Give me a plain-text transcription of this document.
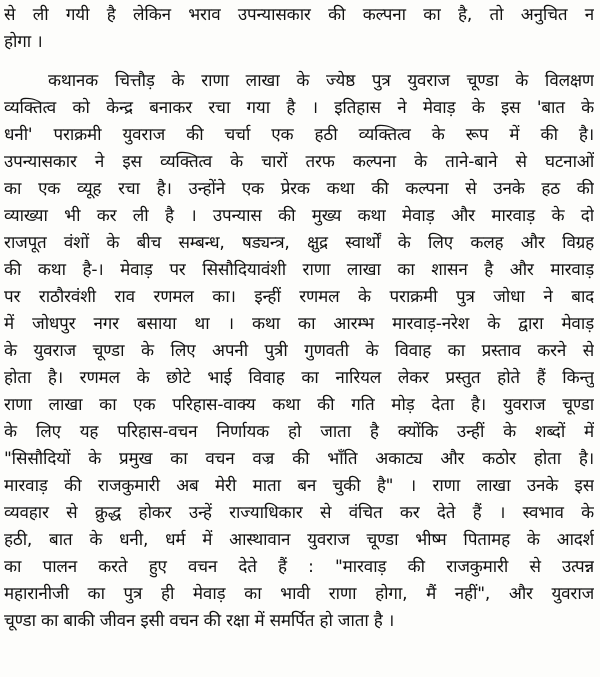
से ली गयी है लेकिन भराव उपन्यासकार की कल्पना का है, तो अनुचित न
होगा ।
कथानक चित्तौड़ के राणा लाखा के ज्येष्ठ पुत्र युवराज चूण्डा के विलक्षण
व्यक्तित्व को केन्द्र बनाकर रचा गया है । इतिहास ने मेवाड़ के इस 'बात के
धनी' पराक्रमी युवराज की चर्चा एक हठी व्यक्तित्व के रूप में की है।
उपन्यासकार ने इस व्यक्तित्व के चारों तरफ कल्पना के ताने-बाने से घटनाओं
का एक व्यूह रचा है। उन्होंने एक प्रेरक कथा की कल्पना से उनके हठ की
व्याख्या भी कर ली है । उपन्यास की मुख्य कथा मेवाड़ और मारवाड़ के दो
राजपूत वंशों के बीच सम्बन्ध, षड्यन्त्र, क्षुद्र स्वार्थों के लिए कलह और विग्रह
की कथा है-। मेवाड़ पर सिसौदियावंशी राणा लाखा का शासन है और मारवाड़
पर राठौरवंशी राव रणमल का। इन्हीं रणमल के पराक्रमी पुत्र जोधा ने बाद
में जोधपुर नगर बसाया था । कथा का आरम्भ मारवाड़-नरेश के द्वारा मेवाड़
के युवराज चूण्डा के लिए अपनी पुत्री गुणवती के विवाह का प्रस्ताव करने से
होता है। रणमल के छोटे भाई विवाह का नारियल लेकर प्रस्तुत होते हैं किन्तु
राणा लाखा का एक परिहास-वाक्य कथा की गति मोड़ देता है। युवराज चूण्डा
के लिए यह परिहास-वचन निर्णायक हो जाता है क्योंकि उन्हीं के शब्दों में
"सिसौदियों के प्रमुख का वचन वज्र की भाँति अकाट्य और कठोर होता है।
मारवाड़ की राजकुमारी अब मेरी माता बन चुकी है" । राणा लाखा उनके इस
व्यवहार से क्रुद्ध होकर उन्हें राज्याधिकार से वंचित कर देते हैं । स्वभाव के
हठी, बात के धनी, धर्म में आस्थावान युवराज चूण्डा भीष्म पितामह के आदर्श
का पालन करते हुए वचन देते हैं : "मारवाड़ की राजकुमारी से उत्पन्न
महारानीजी का पुत्र ही मेवाड़ का भावी राणा होगा, मैं नहीं", और युवराज
चूण्डा का बाकी जीवन इसी वचन की रक्षा में समर्पित हो जाता है ।
